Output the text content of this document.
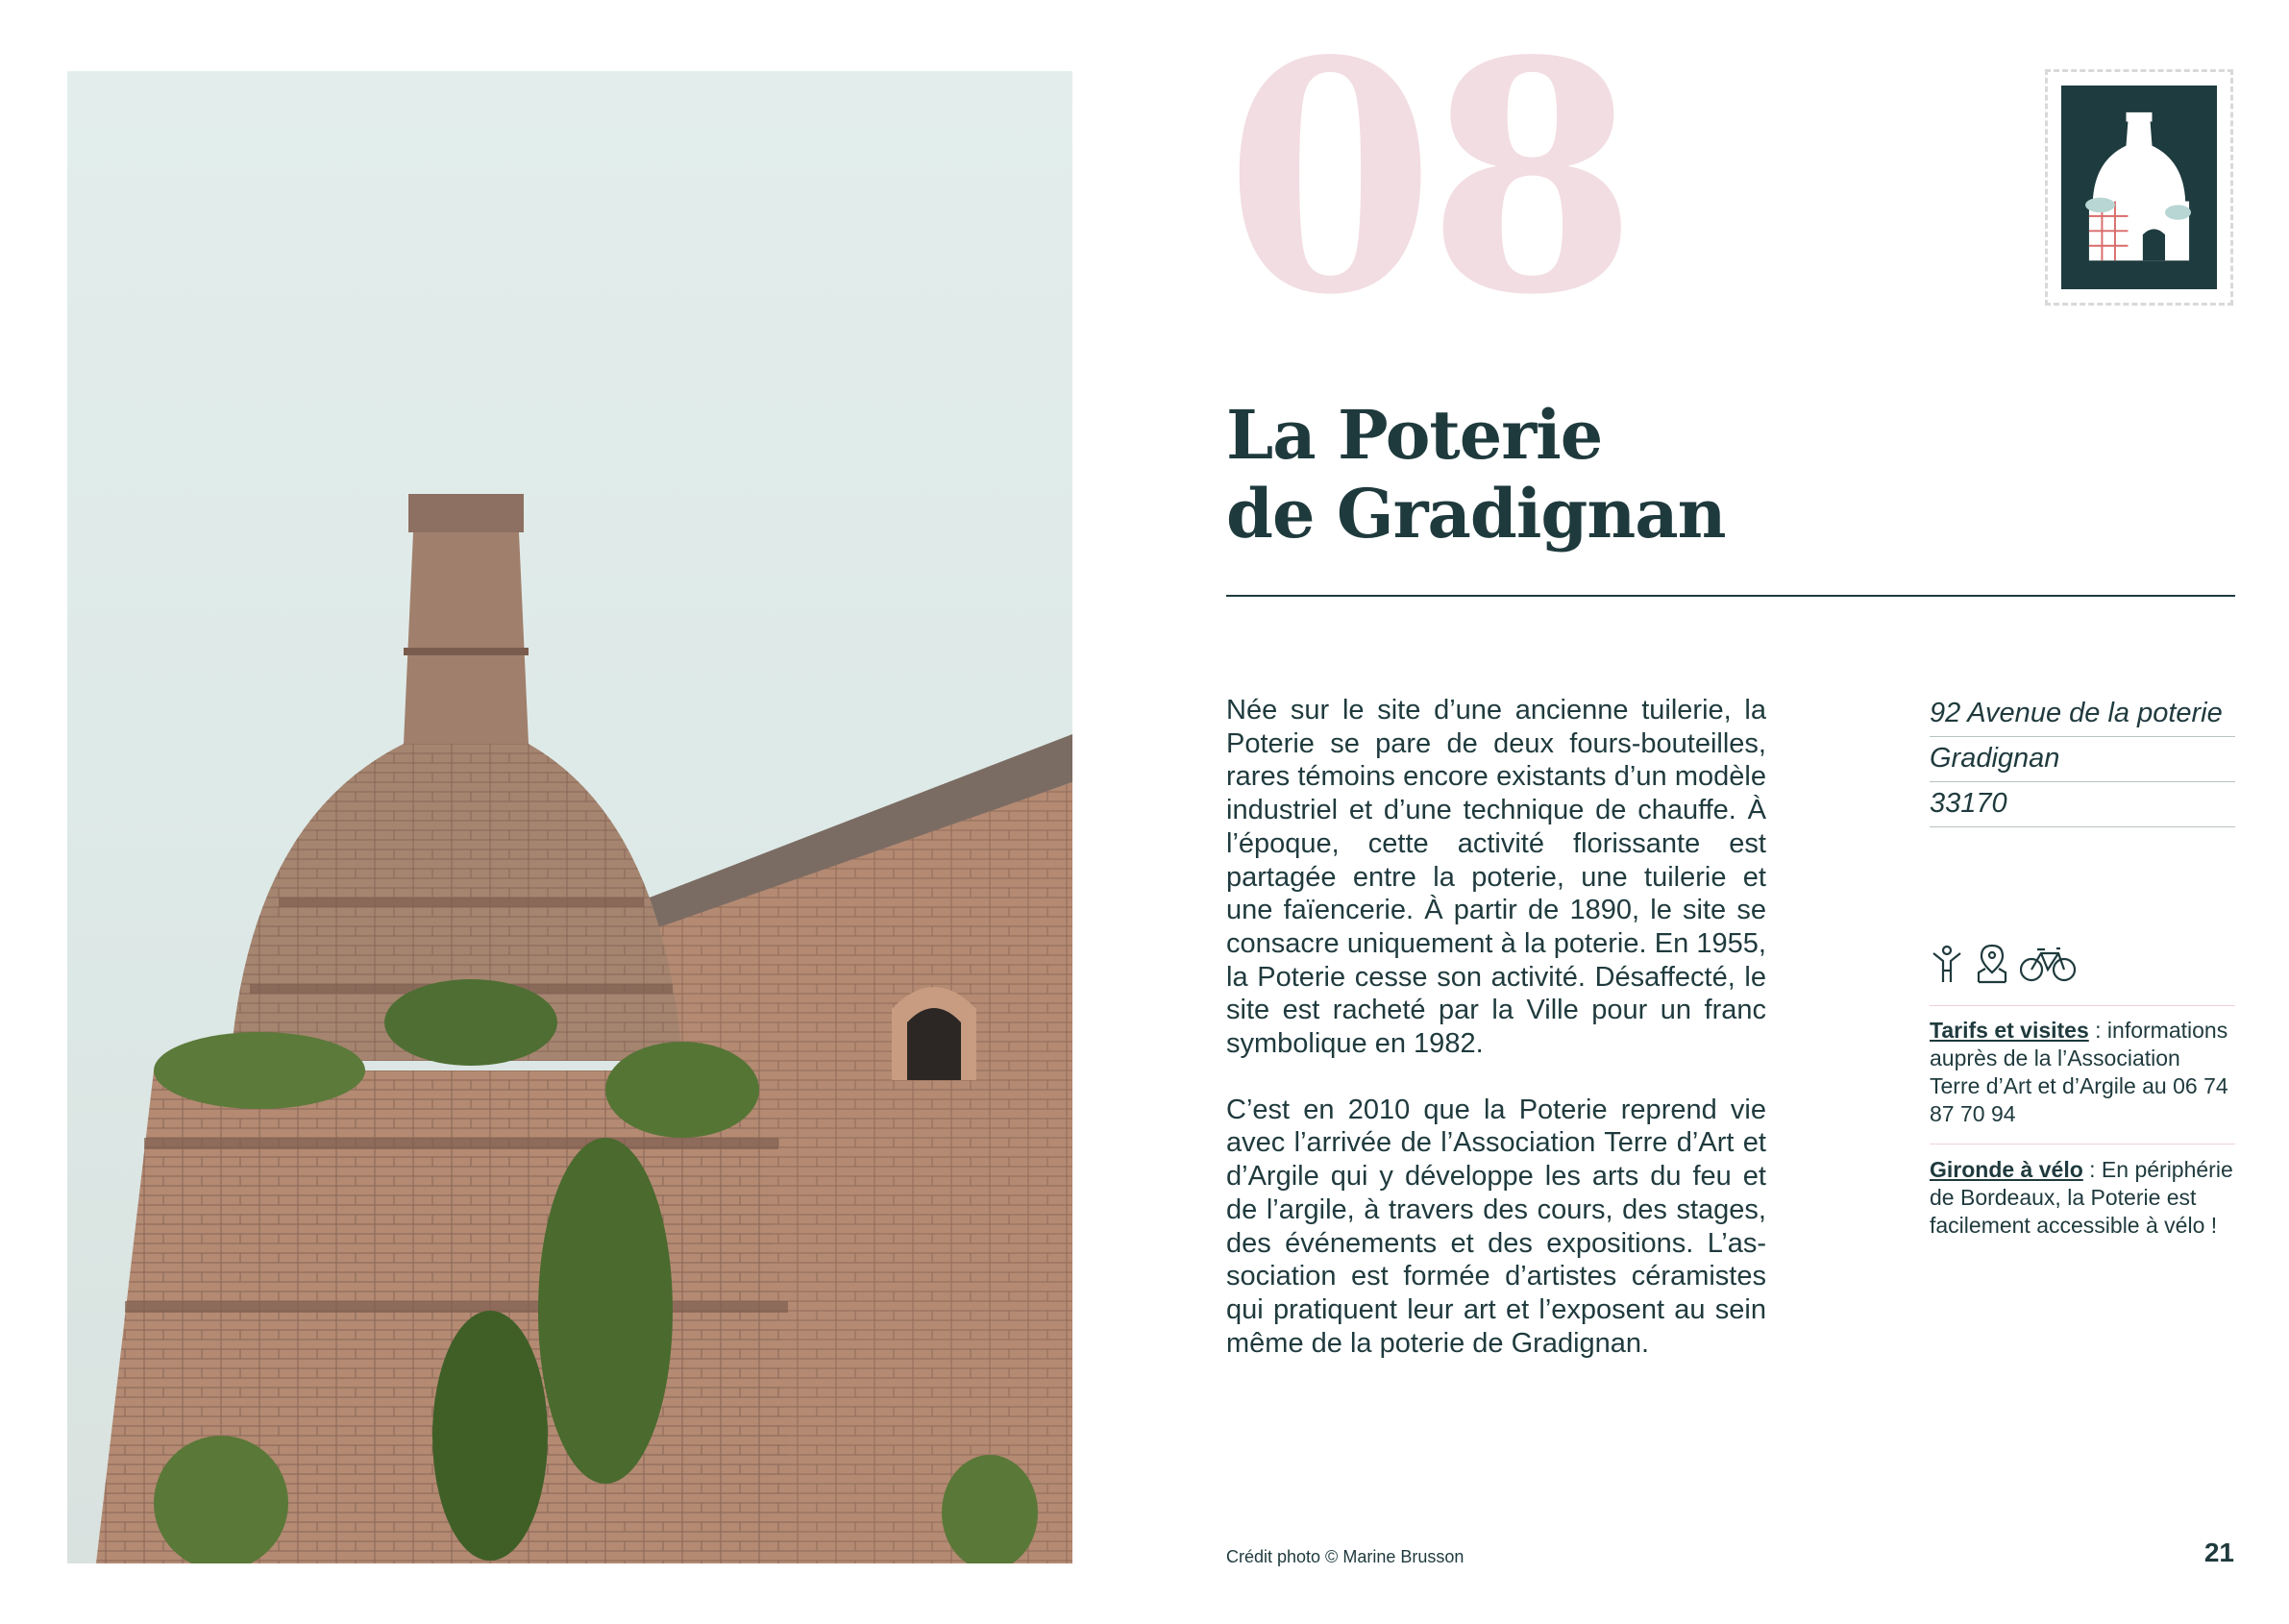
08
La Poterie
de Gradignan

Née sur le site d’une ancienne tuilerie, la Poterie se pare de deux fours-bouteilles, rares témoins encore existants d’un modèle industriel et d’une technique de chauffe. À l’époque, cette activité florissante est partagée entre la poterie, une tuilerie et une faïencerie. À partir de 1890, le site se consacre uniquement à la poterie. En 1955, la Poterie cesse son activité. Désaffecté, le site est racheté par la Ville pour un franc symbolique en 1982.

C’est en 2010 que la Poterie reprend vie avec l’arrivée de l’Association Terre d’Art et d’Argile qui y développe les arts du feu et de l’argile, à travers des cours, des stages, des événements et des expositions. L’as-sociation est formée d’artistes céramistes qui pratiquent leur art et l’exposent au sein même de la poterie de Gradignan.

92 Avenue de la poterie
Gradignan
33170
Tarifs et visites : informations auprès de la l’Association Terre d’Art et d’Argile au 06 74 87 70 94
Gironde à vélo : En périphérie de Bordeaux, la Poterie est facilement accessible à vélo !
Crédit photo © Marine Brusson	21
